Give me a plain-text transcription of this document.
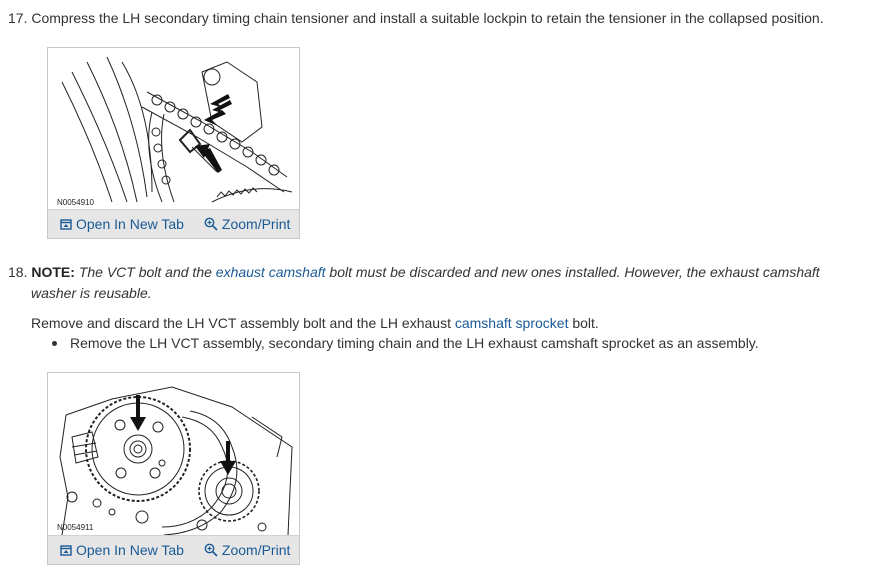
17. Compress the LH secondary timing chain tensioner and install a suitable lockpin to retain the tensioner in the collapsed position.
N0054910
Open In New Tab	Zoom/Print
18. NOTE: The VCT bolt and the exhaust camshaft bolt must be discarded and new ones installed. However, the exhaust camshaft
washer is reusable.
Remove and discard the LH VCT assembly bolt and the LH exhaust camshaft sprocket bolt.
Remove the LH VCT assembly, secondary timing chain and the LH exhaust camshaft sprocket as an assembly.
N0054911
Open In New Tab	Zoom/Print
